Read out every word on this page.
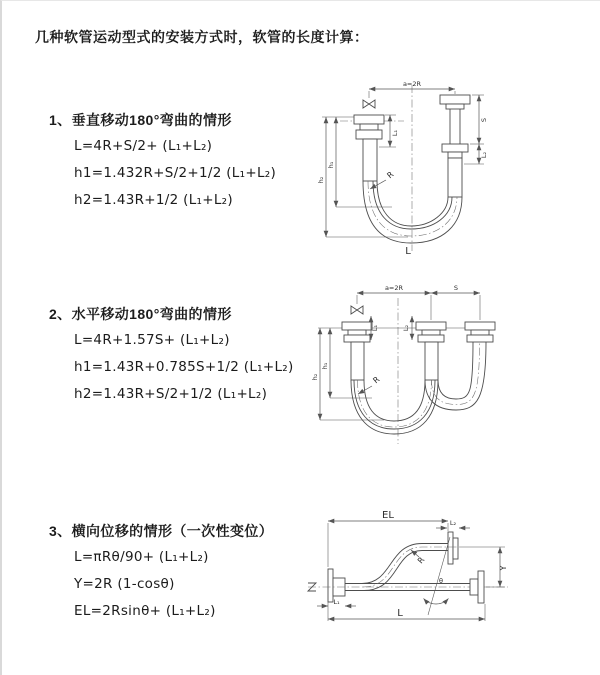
几种软管运动型式的安装方式时，软管的长度计算：
1、垂直移动180°弯曲的情形
L=4R+S/2+ (L₁+L₂)
h1=1.432R+S/2+1/2 (L₁+L₂)
h2=1.43R+1/2 (L₁+L₂)
2、水平移动180°弯曲的情形
L=4R+1.57S+ (L₁+L₂)
h1=1.43R+0.785S+1/2 (L₁+L₂)
h2=1.43R+S/2+1/2 (L₁+L₂)
3、横向位移的情形（一次性变位）
L=πRθ/90+ (L₁+L₂)
Y=2R (1-cosθ)
EL=2Rsinθ+ (L₁+L₂)
a=2R
L₁
S
L₂
h₂
h₁
R
L
a=2R	S
L₁	L₂
h₂
h₁
R
EL
L₂
Y
θ
R
L₁
L
